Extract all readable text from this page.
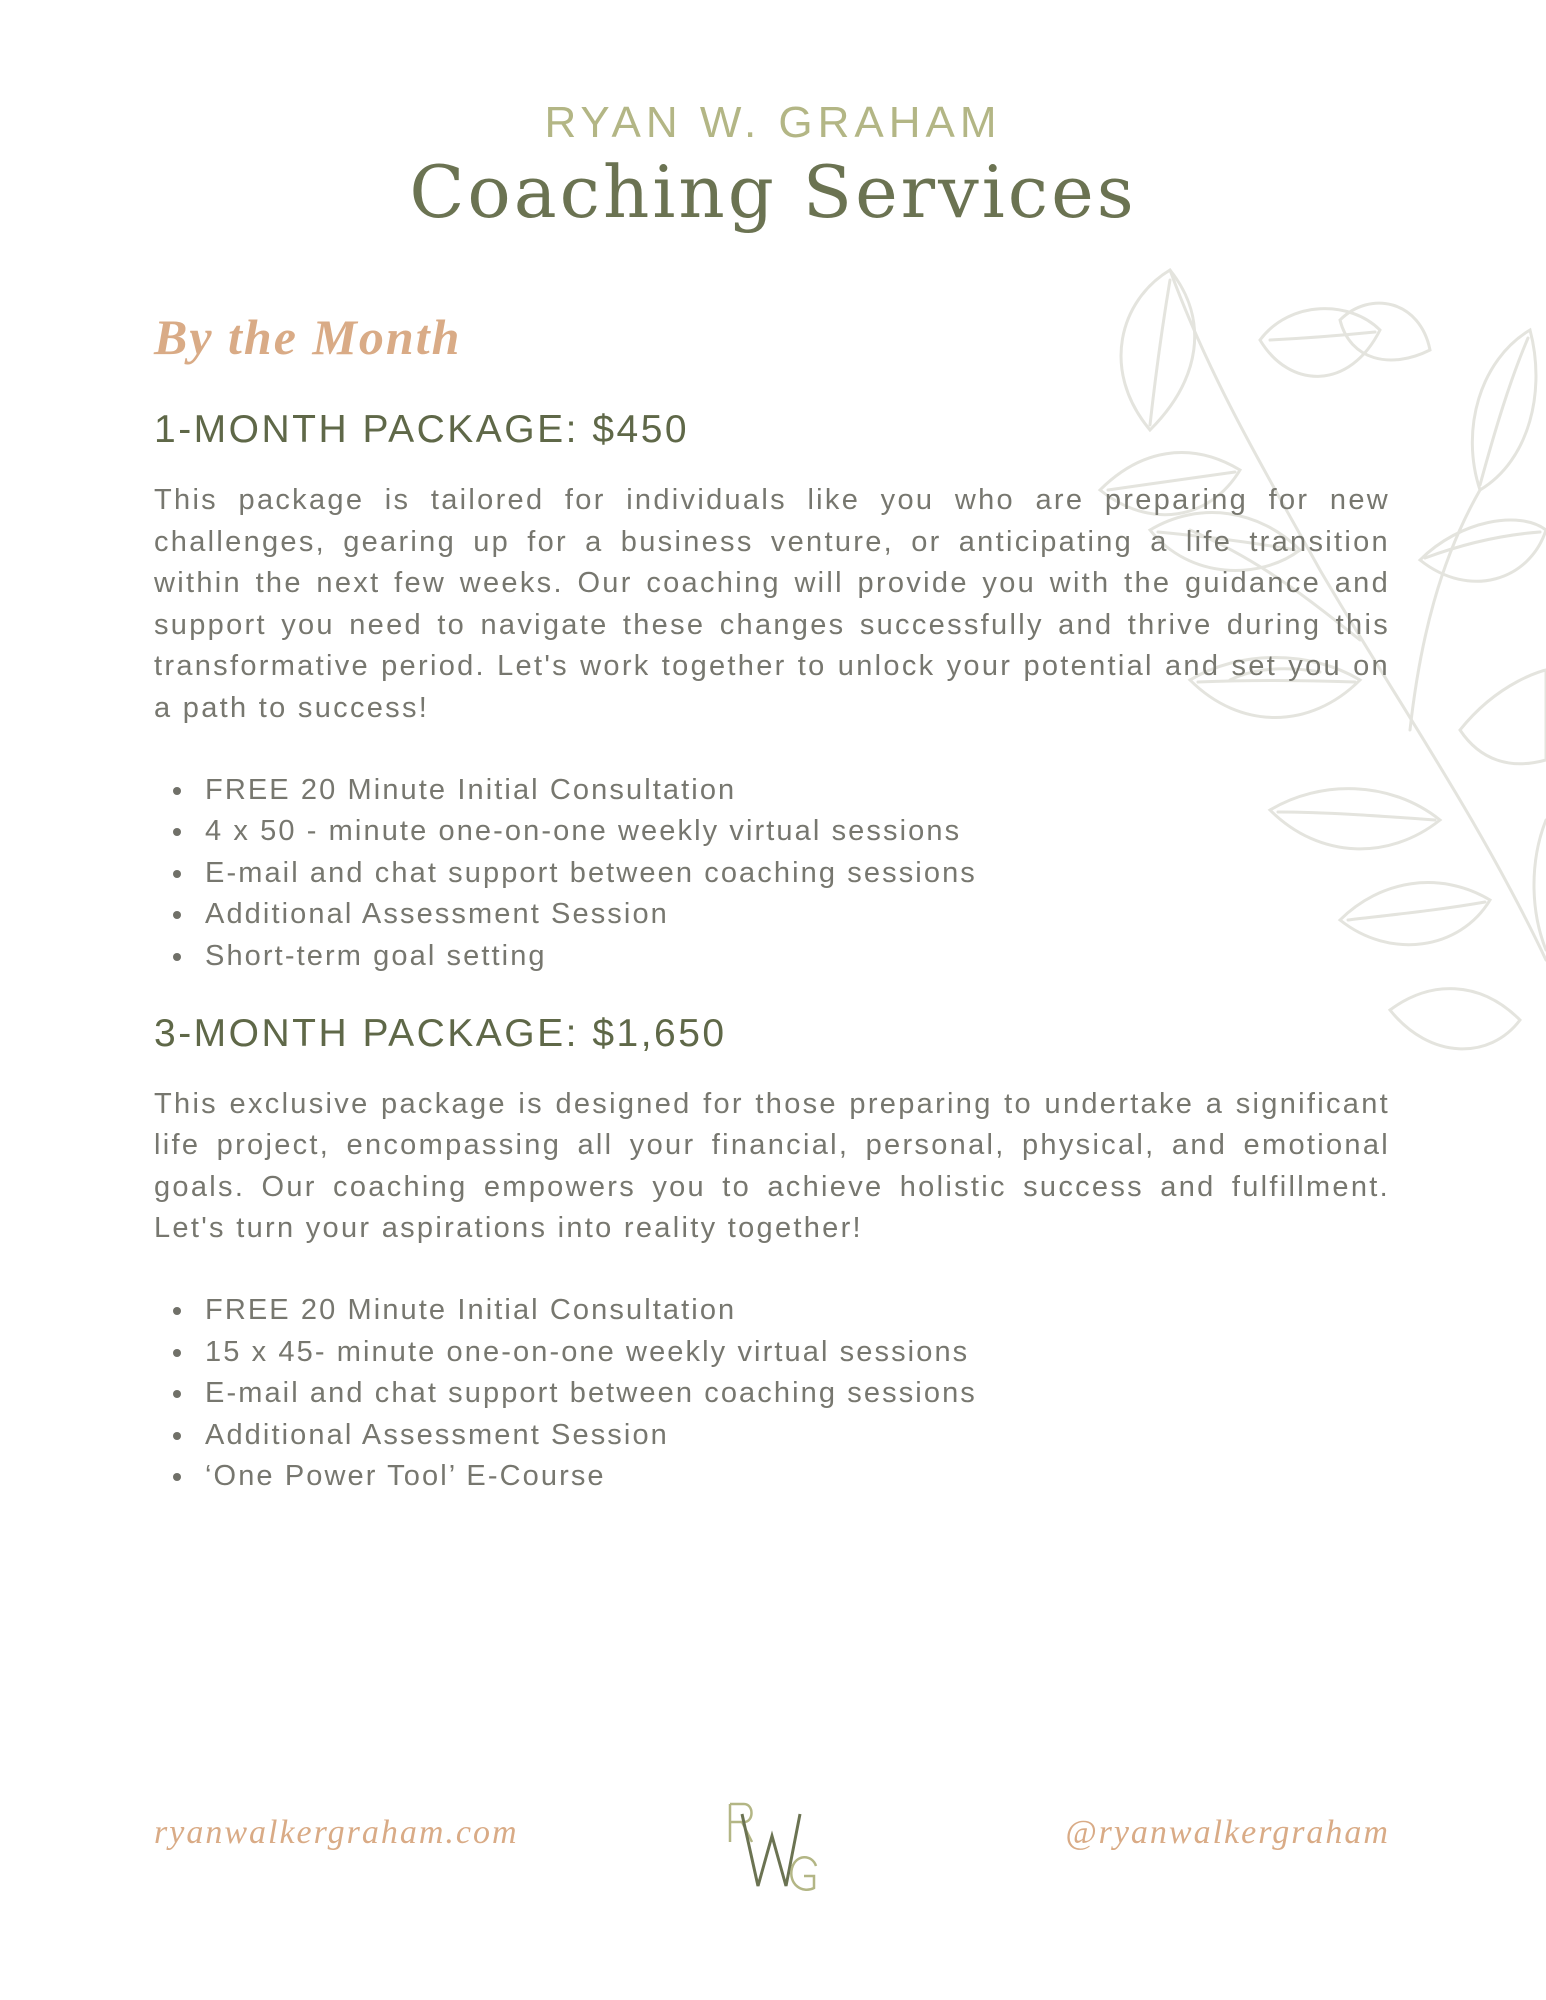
RYAN W. GRAHAM
Coaching Services
By the Month
1-MONTH PACKAGE: $450

This package is tailored for individuals like you who are preparing for new challenges, gearing up for a business venture, or anticipating a life transition within the next few weeks. Our coaching will provide you with the guidance and support you need to navigate these changes successfully and thrive during this transformative period. Let's work together to unlock your potential and set you on a path to success!

FREE 20 Minute Initial Consultation
4 x 50 - minute one-on-one weekly virtual sessions
E-mail and chat support between coaching sessions
Additional Assessment Session
Short-term goal setting
3-MONTH PACKAGE: $1,650

This exclusive package is designed for those preparing to undertake a significant life project, encompassing all your financial, personal, physical, and emotional goals. Our coaching empowers you to achieve holistic success and fulfillment. Let's turn your aspirations into reality together!

FREE 20 Minute Initial Consultation
15 x 45- minute one-on-one weekly virtual sessions
E-mail and chat support between coaching sessions
Additional Assessment Session
‘One Power Tool’ E-Course
ryanwalkergraham.com	@ryanwalkergraham
